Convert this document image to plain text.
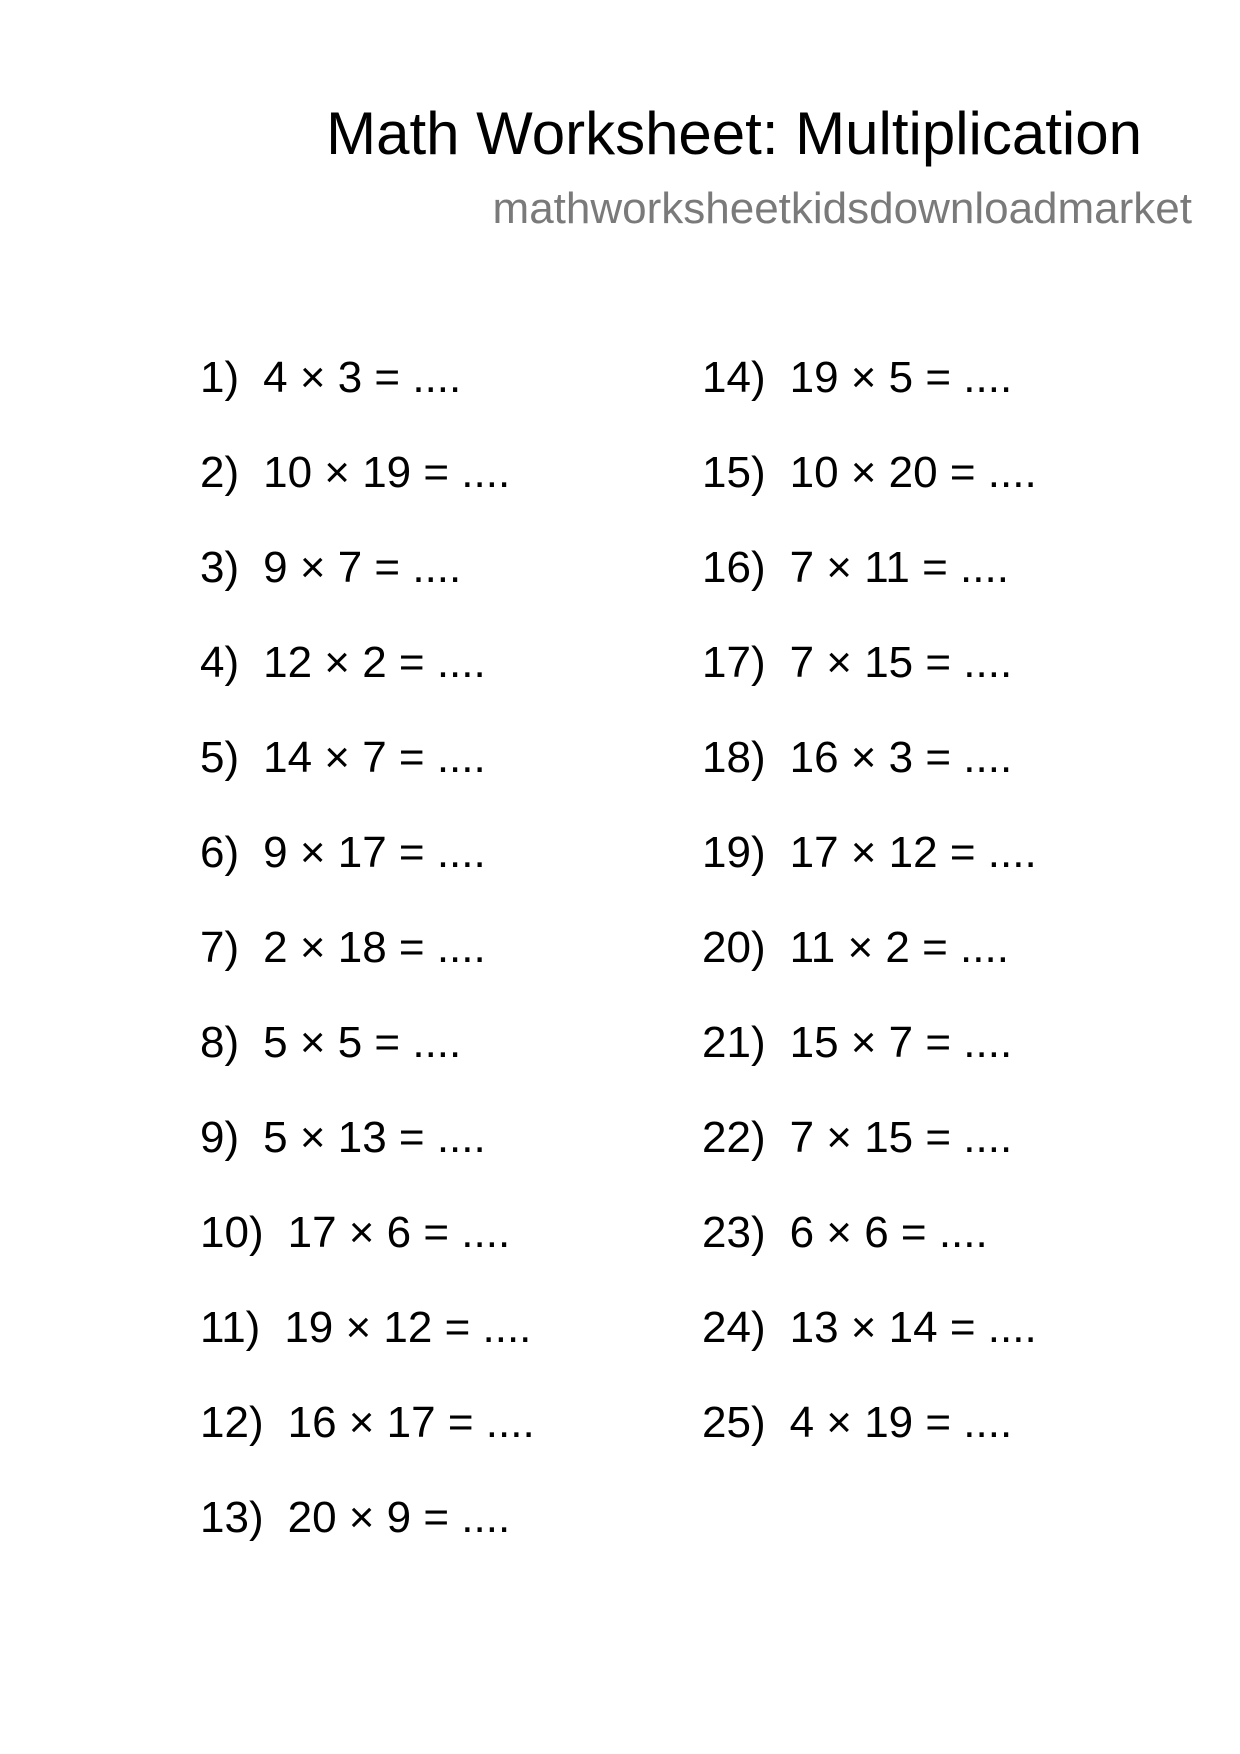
Math Worksheet: Multiplication
mathworksheetkidsdownloadmarket
1) 4 × 3 = ....
2) 10 × 19 = ....
3) 9 × 7 = ....
4) 12 × 2 = ....
5) 14 × 7 = ....
6) 9 × 17 = ....
7) 2 × 18 = ....
8) 5 × 5 = ....
9) 5 × 13 = ....
10) 17 × 6 = ....
11) 19 × 12 = ....
12) 16 × 17 = ....
13) 20 × 9 = ....
14) 19 × 5 = ....
15) 10 × 20 = ....
16) 7 × 11 = ....
17) 7 × 15 = ....
18) 16 × 3 = ....
19) 17 × 12 = ....
20) 11 × 2 = ....
21) 15 × 7 = ....
22) 7 × 15 = ....
23) 6 × 6 = ....
24) 13 × 14 = ....
25) 4 × 19 = ....
